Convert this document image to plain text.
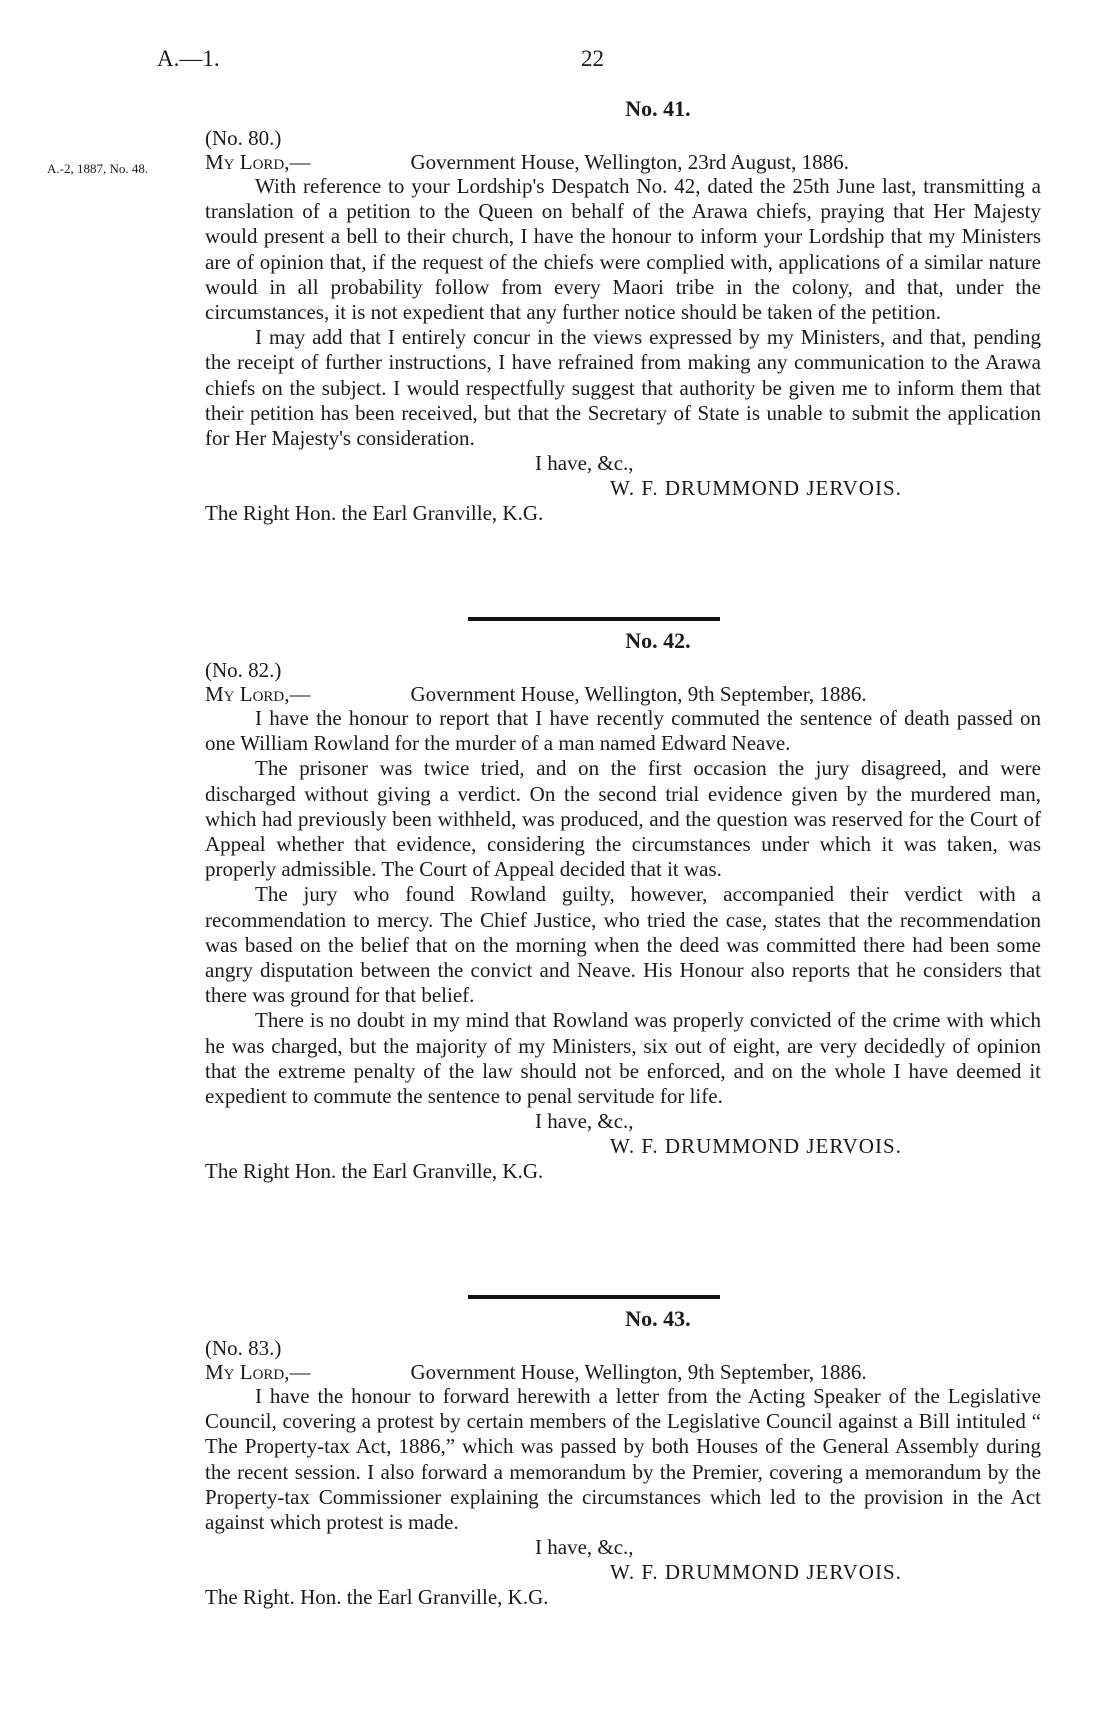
A.—1.	22
A.-2, 1887, No. 48.
No. 41.
(No. 80.)
My Lord,—	Government House, Wellington, 23rd August, 1886.

With reference to your Lordship's Despatch No. 42, dated the 25th June last, transmitting a translation of a petition to the Queen on behalf of the Arawa chiefs, praying that Her Majesty would present a bell to their church, I have the honour to inform your Lordship that my Ministers are of opinion that, if the request of the chiefs were complied with, applications of a similar nature would in all probability follow from every Maori tribe in the colony, and that, under the circumstances, it is not expedient that any further notice should be taken of the petition.

I may add that I entirely concur in the views expressed by my Ministers, and that, pending the receipt of further instructions, I have refrained from making any communication to the Arawa chiefs on the subject. I would respectfully suggest that authority be given me to inform them that their petition has been received, but that the Secretary of State is unable to submit the application for Her Majesty's consideration.

I have, &c.,
W. F. DRUMMOND JERVOIS.
The Right Hon. the Earl Granville, K.G.
No. 42.
(No. 82.)
My Lord,—	Government House, Wellington, 9th September, 1886.

I have the honour to report that I have recently commuted the sentence of death passed on one William Rowland for the murder of a man named Edward Neave.

The prisoner was twice tried, and on the first occasion the jury disagreed, and were discharged without giving a verdict. On the second trial evidence given by the murdered man, which had previously been withheld, was produced, and the question was reserved for the Court of Appeal whether that evidence, considering the circumstances under which it was taken, was properly admissible. The Court of Appeal decided that it was.

The jury who found Rowland guilty, however, accompanied their verdict with a recommendation to mercy. The Chief Justice, who tried the case, states that the recommendation was based on the belief that on the morning when the deed was committed there had been some angry disputation between the convict and Neave. His Honour also reports that he considers that there was ground for that belief.

There is no doubt in my mind that Rowland was properly convicted of the crime with which he was charged, but the majority of my Ministers, six out of eight, are very decidedly of opinion that the extreme penalty of the law should not be enforced, and on the whole I have deemed it expedient to commute the sentence to penal servitude for life.

I have, &c.,
W. F. DRUMMOND JERVOIS.
The Right Hon. the Earl Granville, K.G.
No. 43.
(No. 83.)
My Lord,—	Government House, Wellington, 9th September, 1886.

I have the honour to forward herewith a letter from the Acting Speaker of the Legislative Council, covering a protest by certain members of the Legislative Council against a Bill intituled “ The Property-tax Act, 1886,” which was passed by both Houses of the General Assembly during the recent session. I also forward a memorandum by the Premier, covering a memorandum by the Property-tax Commissioner explaining the circumstances which led to the provision in the Act against which protest is made.

I have, &c.,
W. F. DRUMMOND JERVOIS.
The Right. Hon. the Earl Granville, K.G.
